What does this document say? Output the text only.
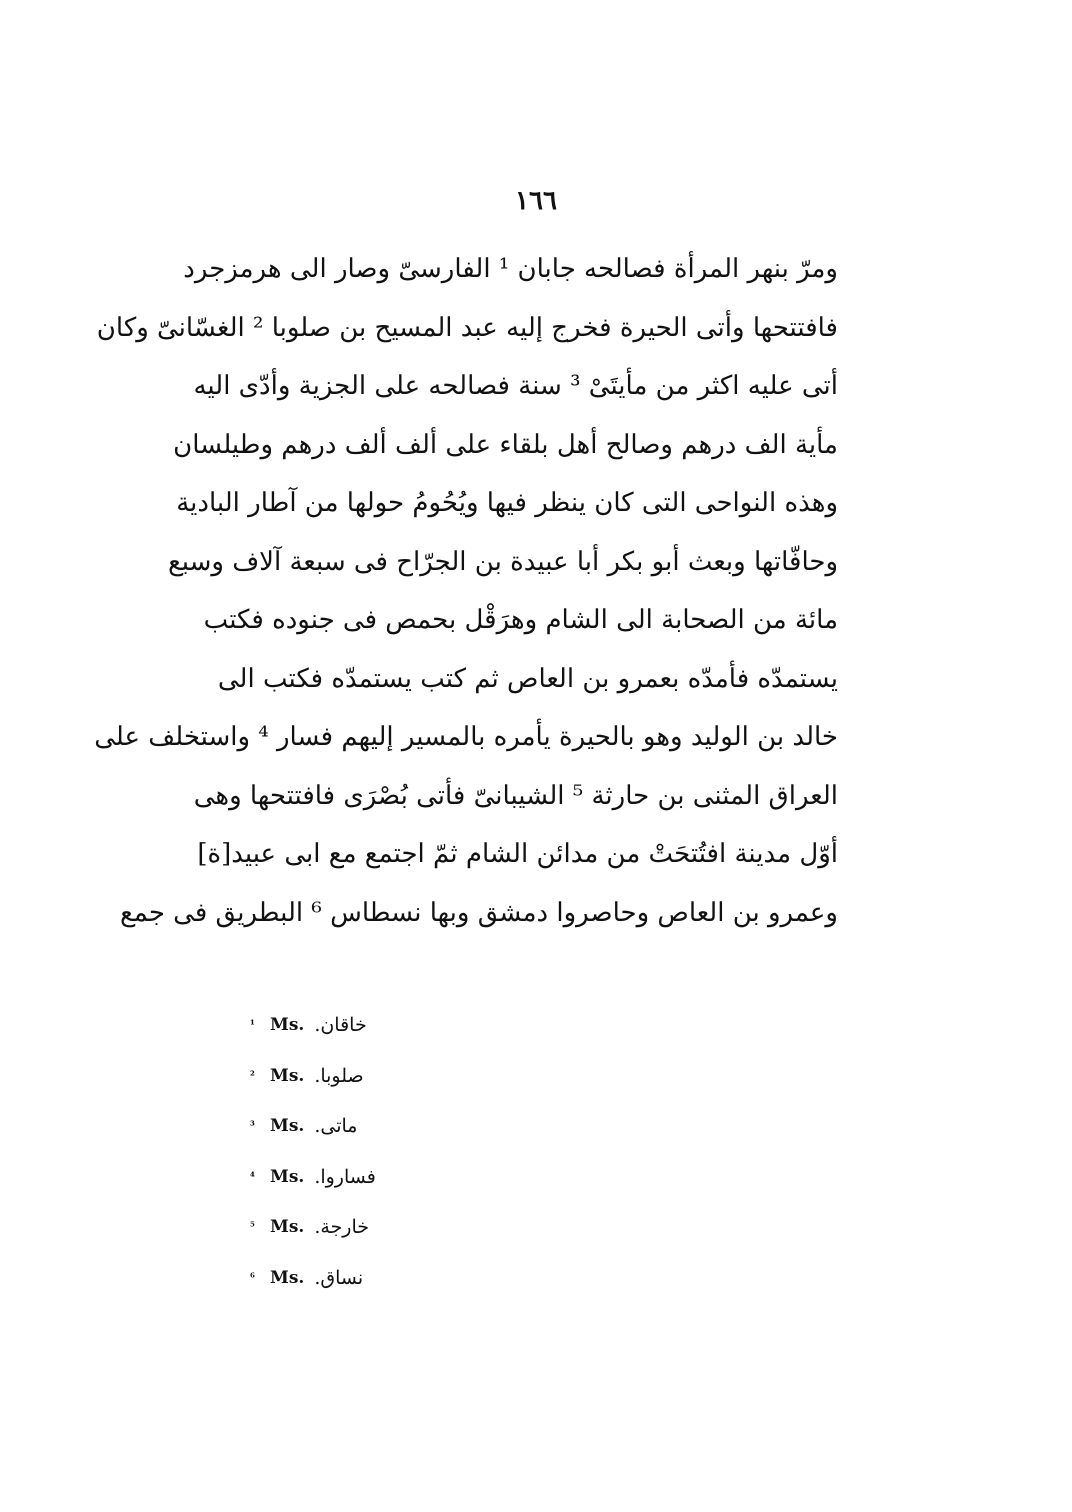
١٦٦
ومرّ بنهر المرأة فصالحه جابان ¹ الفارسىّ وصار الى هرمزجرد
فافتتحها وأتى الحيرة فخرج إليه عبد المسيح بن صلوبا ² الغسّانىّ وكان
أتى عليه اكثر من مأيتَىْ ³ سنة فصالحه على الجزية وأدّى اليه
مأية الف درهم وصالح أهل بلقاء على ألف ألف درهم وطيلسان
وهذه النواحى التى كان ينظر فيها ويُحُومُ حولها من آطار البادية
وحافّاتها وبعث أبو بكر أبا عبيدة بن الجرّاح فى سبعة آلاف وسبع
مائة من الصحابة الى الشام وهرَقْل بحمص فى جنوده فكتب
يستمدّه فأمدّه بعمرو بن العاص ثم كتب يستمدّه فكتب الى
خالد بن الوليد وهو بالحيرة يأمره بالمسير إليهم فسار ⁴ واستخلف على
العراق المثنى بن حارثة ⁵ الشيبانىّ فأتى بُصْرَى فافتتحها وهى
أوّل مدينة افتُتحَتْ من مدائن الشام ثمّ اجتمع مع ابى عبيد[ة]
وعمرو بن العاص وحاصروا دمشق وبها نسطاس ⁶ البطريق فى جمع
¹ Ms. خاقان.
² Ms. صلوبا.
³ Ms. ماتى.
⁴ Ms. فساروا.
⁵ Ms. خارجة.
⁶ Ms. نساق.
